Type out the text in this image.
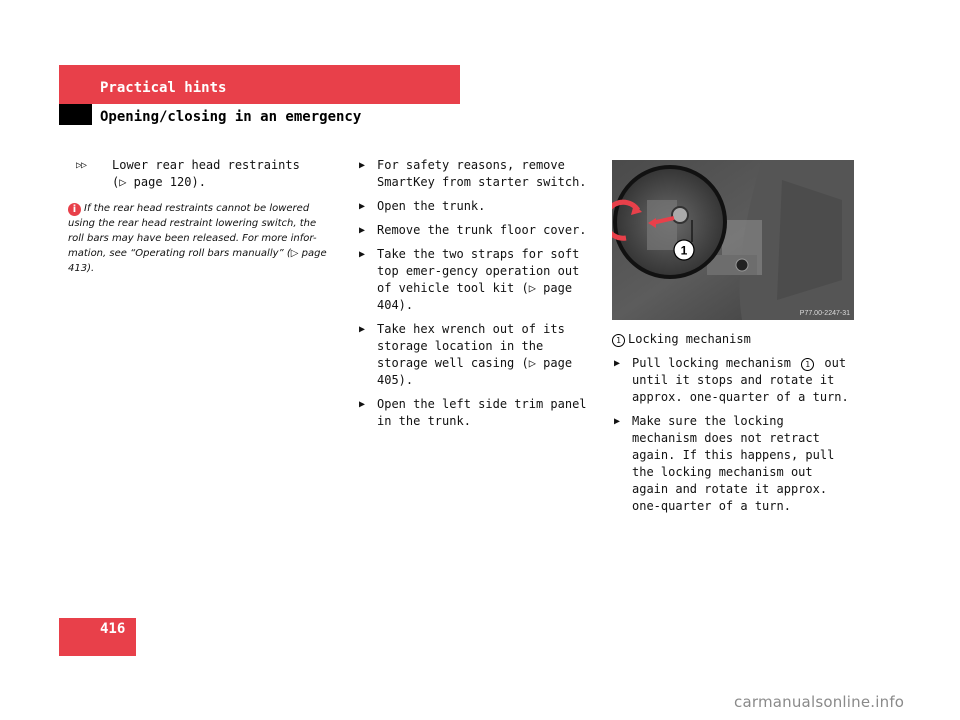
Practical hints
Opening/closing in an emergency
▷▷	Lower rear head restraints
(▷ page 120).
i If the rear head restraints cannot be lowered using the rear head restraint lowering switch, the roll bars may have been released. For more infor-mation, see “Operating roll bars manually” (▷ page 413).
▶ For safety reasons, remove SmartKey from starter switch.
▶ Open the trunk.
▶ Remove the trunk floor cover.
▶ Take the two straps for soft top emer-gency operation out of vehicle tool kit (▷ page 404).
▶ Take hex wrench out of its storage location in the storage well casing (▷ page 405).
▶ Open the left side trim panel in the trunk.
1
P77.00-2247-31
1 Locking mechanism
▶ Pull locking mechanism 1 out until it stops and rotate it approx. one-quarter of a turn.
▶ Make sure the locking mechanism does not retract again. If this happens, pull the locking mechanism out again and rotate it approx. one-quarter of a turn.
416
carmanualsonline.info
